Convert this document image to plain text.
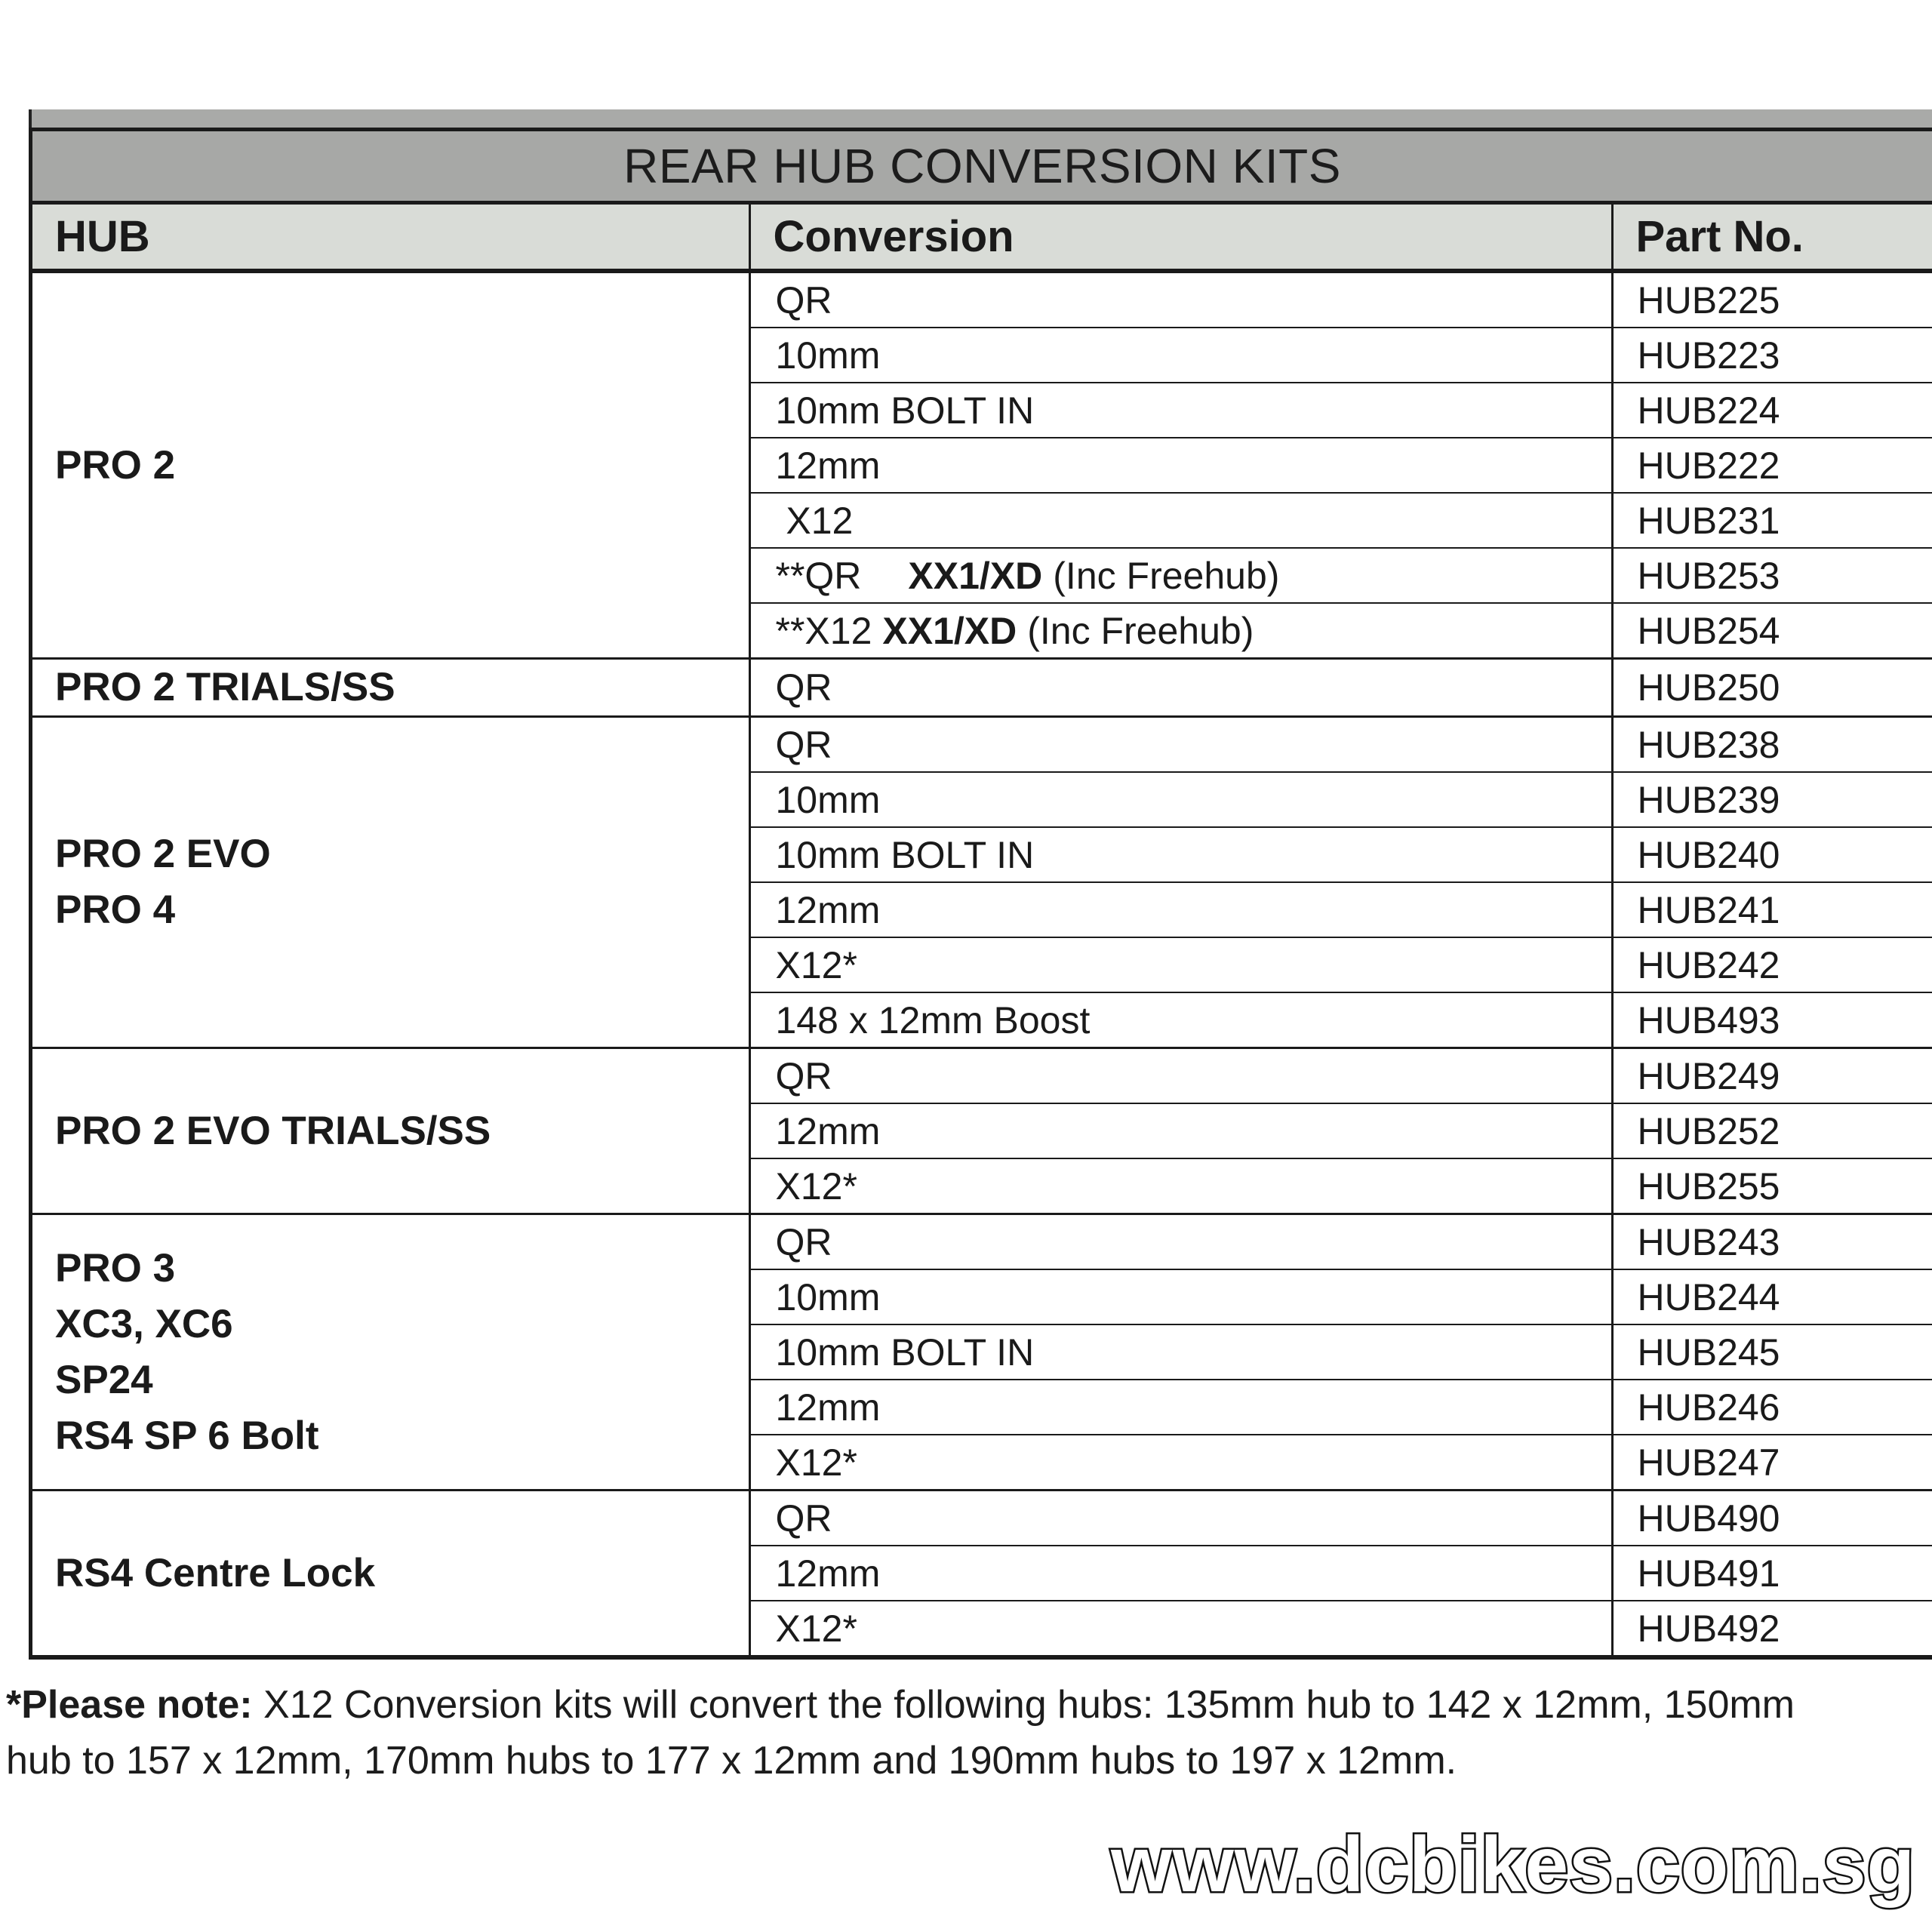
REAR HUB CONVERSION KITS
HUB	Conversion	Part No.

PRO 2	QR	HUB225
	10mm	HUB223
	10mm BOLT IN	HUB224
	12mm	HUB222
	X12	HUB231
	**QR XX1/XD (Inc Freehub)	HUB253
	**X12 XX1/XD (Inc Freehub)	HUB254

PRO 2 TRIALS/SS	QR	HUB250

PRO 2 EVO
PRO 4	QR	HUB238
	10mm	HUB239
	10mm BOLT IN	HUB240
	12mm	HUB241
	X12*	HUB242
	148 x 12mm Boost	HUB493

PRO 2 EVO TRIALS/SS	QR	HUB249
	12mm	HUB252
	X12*	HUB255

PRO 3
XC3, XC6
SP24
RS4 SP 6 Bolt	QR	HUB243
	10mm	HUB244
	10mm BOLT IN	HUB245
	12mm	HUB246
	X12*	HUB247

RS4 Centre Lock	QR	HUB490
	12mm	HUB491
	X12*	HUB492
*Please note: X12 Conversion kits will convert the following hubs: 135mm hub to 142 x 12mm, 150mm
hub to 157 x 12mm, 170mm hubs to 177 x 12mm and 190mm hubs to 197 x 12mm.
www.dcbikes.com.sg
